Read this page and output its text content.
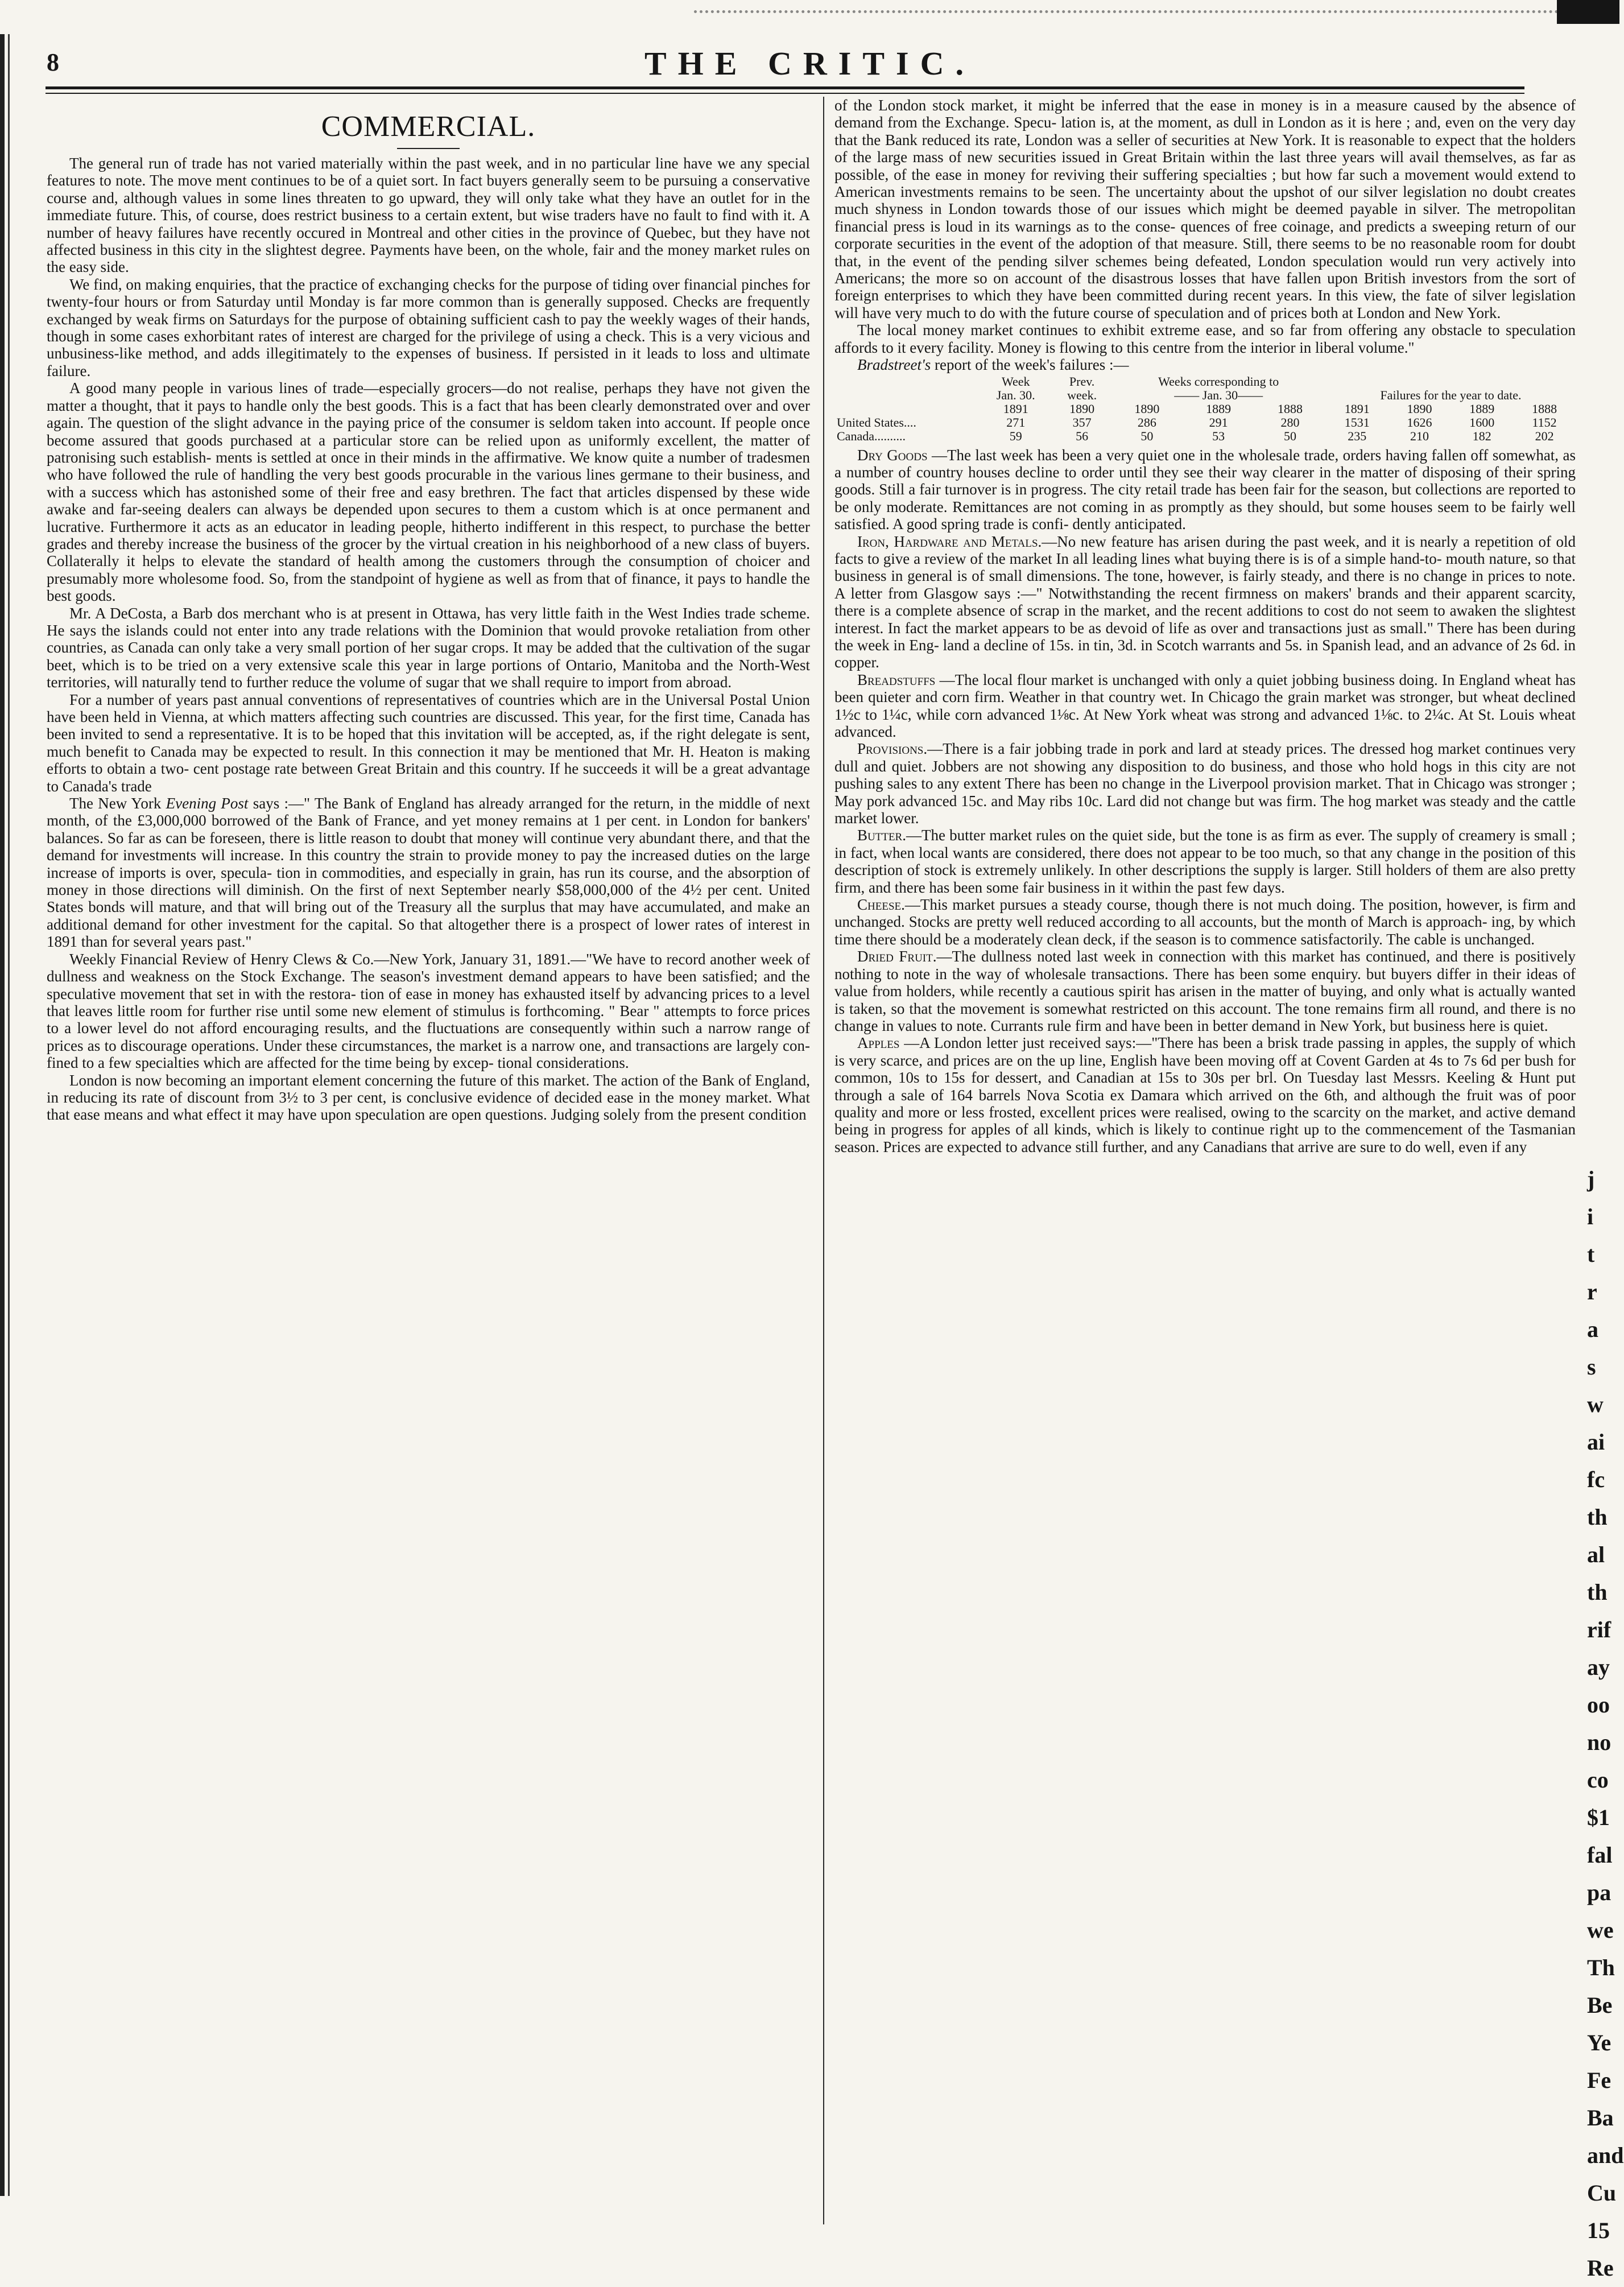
8	THE CRITIC.
COMMERCIAL.

The general run of trade has not varied materially within the past week, and in no particular line have we any special features to note. The move ment continues to be of a quiet sort. In fact buyers generally seem to be pursuing a conservative course and, although values in some lines threaten to go upward, they will only take what they have an outlet for in the immediate future. This, of course, does restrict business to a certain extent, but wise traders have no fault to find with it. A number of heavy failures have recently occured in Montreal and other cities in the province of Quebec, but they have not affected business in this city in the slightest degree. Payments have been, on the whole, fair and the money market rules on the easy side.

We find, on making enquiries, that the practice of exchanging checks for the purpose of tiding over financial pinches for twenty-four hours or from Saturday until Monday is far more common than is generally supposed. Checks are frequently exchanged by weak firms on Saturdays for the purpose of obtaining sufficient cash to pay the weekly wages of their hands, though in some cases exhorbitant rates of interest are charged for the privilege of using a check. This is a very vicious and unbusiness-like method, and adds illegitimately to the expenses of business. If persisted in it leads to loss and ultimate failure.

A good many people in various lines of trade—especially grocers—do not realise, perhaps they have not given the matter a thought, that it pays to handle only the best goods. This is a fact that has been clearly demonstrated over and over again. The question of the slight advance in the paying price of the consumer is seldom taken into account. If people once become assured that goods purchased at a particular store can be relied upon as uniformly excellent, the matter of patronising such establish- ments is settled at once in their minds in the affirmative. We know quite a number of tradesmen who have followed the rule of handling the very best goods procurable in the various lines germane to their business, and with a success which has astonished some of their free and easy brethren. The fact that articles dispensed by these wide awake and far-seeing dealers can always be depended upon secures to them a custom which is at once permanent and lucrative. Furthermore it acts as an educator in leading people, hitherto indifferent in this respect, to purchase the better grades and thereby increase the business of the grocer by the virtual creation in his neighborhood of a new class of buyers. Collaterally it helps to elevate the standard of health among the customers through the consumption of choicer and presumably more wholesome food. So, from the standpoint of hygiene as well as from that of finance, it pays to handle the best goods.

Mr. A DeCosta, a Barb dos merchant who is at present in Ottawa, has very little faith in the West Indies trade scheme. He says the islands could not enter into any trade relations with the Dominion that would provoke retaliation from other countries, as Canada can only take a very small portion of her sugar crops. It may be added that the cultivation of the sugar beet, which is to be tried on a very extensive scale this year in large portions of Ontario, Manitoba and the North-West territories, will naturally tend to further reduce the volume of sugar that we shall require to import from abroad.

For a number of years past annual conventions of representatives of countries which are in the Universal Postal Union have been held in Vienna, at which matters affecting such countries are discussed. This year, for the first time, Canada has been invited to send a representative. It is to be hoped that this invitation will be accepted, as, if the right delegate is sent, much benefit to Canada may be expected to result. In this connection it may be mentioned that Mr. H. Heaton is making efforts to obtain a two- cent postage rate between Great Britain and this country. If he succeeds it will be a great advantage to Canada's trade

The New York Evening Post says :—" The Bank of England has already arranged for the return, in the middle of next month, of the £3,000,000 borrowed of the Bank of France, and yet money remains at 1 per cent. in London for bankers' balances. So far as can be foreseen, there is little reason to doubt that money will continue very abundant there, and that the demand for investments will increase. In this country the strain to provide money to pay the increased duties on the large increase of imports is over, specula- tion in commodities, and especially in grain, has run its course, and the absorption of money in those directions will diminish. On the first of next September nearly $58,000,000 of the 4½ per cent. United States bonds will mature, and that will bring out of the Treasury all the surplus that may have accumulated, and make an additional demand for other investment for the capital. So that altogether there is a prospect of lower rates of interest in 1891 than for several years past."

Weekly Financial Review of Henry Clews & Co.—New York, January 31, 1891.—"We have to record another week of dullness and weakness on the Stock Exchange. The season's investment demand appears to have been satisfied; and the speculative movement that set in with the restora- tion of ease in money has exhausted itself by advancing prices to a level that leaves little room for further rise until some new element of stimulus is forthcoming. " Bear " attempts to force prices to a lower level do not afford encouraging results, and the fluctuations are consequently within such a narrow range of prices as to discourage operations. Under these circumstances, the market is a narrow one, and transactions are largely con- fined to a few specialties which are affected for the time being by excep- tional considerations.

London is now becoming an important element concerning the future of this market. The action of the Bank of England, in reducing its rate of discount from 3½ to 3 per cent, is conclusive evidence of decided ease in the money market. What that ease means and what effect it may have upon speculation are open questions. Judging solely from the present condition

of the London stock market, it might be inferred that the ease in money is in a measure caused by the absence of demand from the Exchange. Specu- lation is, at the moment, as dull in London as it is here ; and, even on the very day that the Bank reduced its rate, London was a seller of securities at New York. It is reasonable to expect that the holders of the large mass of new securities issued in Great Britain within the last three years will avail themselves, as far as possible, of the ease in money for reviving their suffering specialties ; but how far such a movement would extend to American investments remains to be seen. The uncertainty about the upshot of our silver legislation no doubt creates much shyness in London towards those of our issues which might be deemed payable in silver. The metropolitan financial press is loud in its warnings as to the conse- quences of free coinage, and predicts a sweeping return of our corporate securities in the event of the adoption of that measure. Still, there seems to be no reasonable room for doubt that, in the event of the pending silver schemes being defeated, London speculation would run very actively into Americans; the more so on account of the disastrous losses that have fallen upon British investors from the sort of foreign enterprises to which they have been committed during recent years. In this view, the fate of silver legislation will have very much to do with the future course of speculation and of prices both at London and New York.

The local money market continues to exhibit extreme ease, and so far from offering any obstacle to speculation affords to it every facility. Money is flowing to this centre from the interior in liberal volume."

Bradstreet's report of the week's failures :—

	Week	Prev.	Weeks corresponding to						
	Jan. 30.	week.	—— Jan. 30——			Failures for the year to date.			
	1891	1890	1890	1889	1888	1891	1890	1889	1888
United States....	271	357	286	291	280	1531	1626	1600	1152
Canada..........	59	56	50	53	50	235	210	182	202

Dry Goods —The last week has been a very quiet one in the wholesale trade, orders having fallen off somewhat, as a number of country houses decline to order until they see their way clearer in the matter of disposing of their spring goods. Still a fair turnover is in progress. The city retail trade has been fair for the season, but collections are reported to be only moderate. Remittances are not coming in as promptly as they should, but some houses seem to be fairly well satisfied. A good spring trade is confi- dently anticipated.

Iron, Hardware and Metals.—No new feature has arisen during the past week, and it is nearly a repetition of old facts to give a review of the market In all leading lines what buying there is is of a simple hand-to- mouth nature, so that business in general is of small dimensions. The tone, however, is fairly steady, and there is no change in prices to note. A letter from Glasgow says :—" Notwithstanding the recent firmness on makers' brands and their apparent scarcity, there is a complete absence of scrap in the market, and the recent additions to cost do not seem to awaken the slightest interest. In fact the market appears to be as devoid of life as over and transactions just as small." There has been during the week in Eng- land a decline of 15s. in tin, 3d. in Scotch warrants and 5s. in Spanish lead, and an advance of 2s 6d. in copper.

Breadstuffs —The local flour market is unchanged with only a quiet jobbing business doing. In England wheat has been quieter and corn firm. Weather in that country wet. In Chicago the grain market was stronger, but wheat declined 1½c to 1¼c, while corn advanced 1⅛c. At New York wheat was strong and advanced 1⅛c. to 2¼c. At St. Louis wheat advanced.

Provisions.—There is a fair jobbing trade in pork and lard at steady prices. The dressed hog market continues very dull and quiet. Jobbers are not showing any disposition to do business, and those who hold hogs in this city are not pushing sales to any extent There has been no change in the Liverpool provision market. That in Chicago was stronger ; May pork advanced 15c. and May ribs 10c. Lard did not change but was firm. The hog market was steady and the cattle market lower.

Butter.—The butter market rules on the quiet side, but the tone is as firm as ever. The supply of creamery is small ; in fact, when local wants are considered, there does not appear to be too much, so that any change in the position of this description of stock is extremely unlikely. In other descriptions the supply is larger. Still holders of them are also pretty firm, and there has been some fair business in it within the past few days.

Cheese.—This market pursues a steady course, though there is not much doing. The position, however, is firm and unchanged. Stocks are pretty well reduced according to all accounts, but the month of March is approach- ing, by which time there should be a moderately clean deck, if the season is to commence satisfactorily. The cable is unchanged.

Dried Fruit.—The dullness noted last week in connection with this market has continued, and there is positively nothing to note in the way of wholesale transactions. There has been some enquiry. but buyers differ in their ideas of value from holders, while recently a cautious spirit has arisen in the matter of buying, and only what is actually wanted is taken, so that the movement is somewhat restricted on this account. The tone remains firm all round, and there is no change in values to note. Currants rule firm and have been in better demand in New York, but business here is quiet.

Apples —A London letter just received says:—"There has been a brisk trade passing in apples, the supply of which is very scarce, and prices are on the up line, English have been moving off at Covent Garden at 4s to 7s 6d per bush for common, 10s to 15s for dessert, and Canadian at 15s to 30s per brl. On Tuesday last Messrs. Keeling & Hunt put through a sale of 164 barrels Nova Scotia ex Damara which arrived on the 6th, and although the fruit was of poor quality and more or less frosted, excellent prices were realised, owing to the scarcity on the market, and active demand being in progress for apples of all kinds, which is likely to continue right up to the commencement of the Tasmanian season. Prices are expected to advance still further, and any Canadians that arrive are sure to do well, even if any

j
i
t
r
a
s
w
ai
fc
th
al
th
rif
ay
oo
no
co
$1
fal
pa
we
Th
Be
Ye
Fe
Ba
and
Cu
15
Re
